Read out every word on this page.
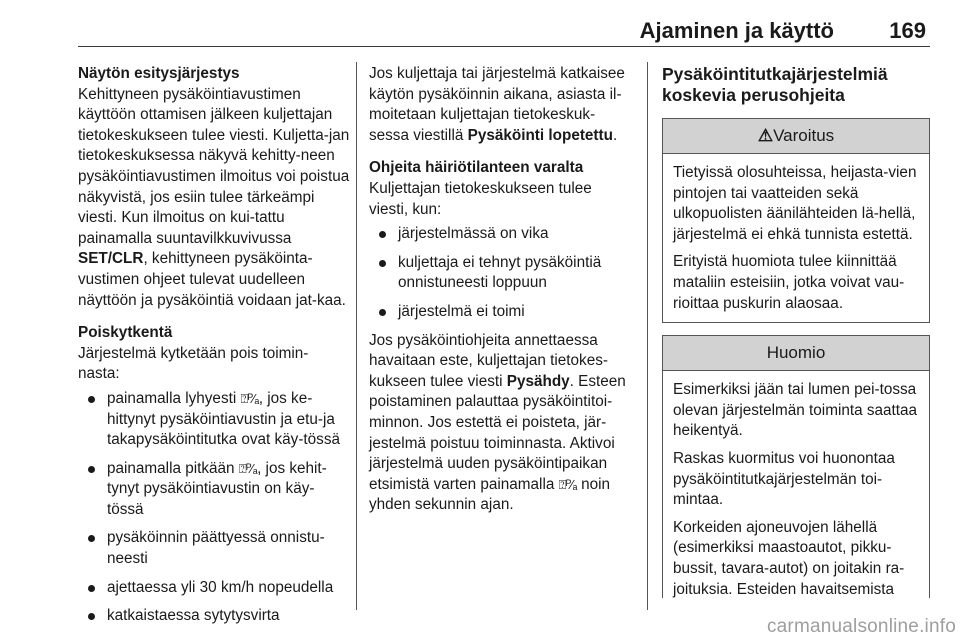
Ajaminen ja käyttö	169
Näytön esitysjärjestys

Kehittyneen pysäköintiavustimen käyttöön ottamisen jälkeen kuljettajan tietokeskukseen tulee viesti. Kuljetta-jan tietokeskuksessa näkyvä kehitty-neen pysäköintiavustimen ilmoitus voi poistua näkyvistä, jos esiin tulee tärkeämpi viesti. Kun ilmoitus on kui-tattu painamalla suuntavilkkuvivussa SET/CLR, kehittyneen pysäköinta-vustimen ohjeet tulevat uudelleen näyttöön ja pysäköintiä voidaan jat-kaa.

Poiskytkentä

Järjestelmä kytketään pois toimin-nasta:

painamalla lyhyesti ⍰ᴾ⁄ₐ, jos ke-hittynyt pysäköintiavustin ja etu-ja takapysäköintitutka ovat käy-tössä
painamalla pitkään ⍰ᴾ⁄ₐ, jos kehit-tynyt pysäköintiavustin on käy-tössä
pysäköinnin päättyessä onnistu-neesti
ajettaessa yli 30 km/h nopeudella
katkaistaessa sytytysvirta

Jos kuljettaja tai järjestelmä katkaisee käytön pysäköinnin aikana, asiasta il-moitetaan kuljettajan tietokeskuk-sessa viestillä Pysäköinti lopetettu.

Ohjeita häiriötilanteen varalta

Kuljettajan tietokeskukseen tulee viesti, kun:

järjestelmässä on vika
kuljettaja ei tehnyt pysäköintiä onnistuneesti loppuun
järjestelmä ei toimi

Jos pysäköintiohjeita annettaessa havaitaan este, kuljettajan tietokes-kukseen tulee viesti Pysähdy. Esteen poistaminen palauttaa pysäköintitoi-minnon. Jos estettä ei poisteta, jär-jestelmä poistuu toiminnasta. Aktivoi järjestelmä uuden pysäköintipaikan etsimistä varten painamalla ⍰ᴾ⁄ₐ noin yhden sekunnin ajan.

Pysäköintitutkajärjestelmiä koskevia perusohjeita
⚠Varoitus

Tietyissä olosuhteissa, heijasta-vien pintojen tai vaatteiden sekä ulkopuolisten äänilähteiden lä-hellä, järjestelmä ei ehkä tunnista estettä.

Erityistä huomiota tulee kiinnittää mataliin esteisiin, jotka voivat vau-rioittaa puskurin alaosaa.

Huomio

Esimerkiksi jään tai lumen pei-tossa olevan järjestelmän toiminta saattaa heikentyä.

Raskas kuormitus voi huonontaa pysäköintitutkajärjestelmän toi-mintaa.

Korkeiden ajoneuvojen lähellä (esimerkiksi maastoautot, pikku-bussit, tavara-autot) on joitakin ra-joituksia. Esteiden havaitsemista

carmanualsonline.info
